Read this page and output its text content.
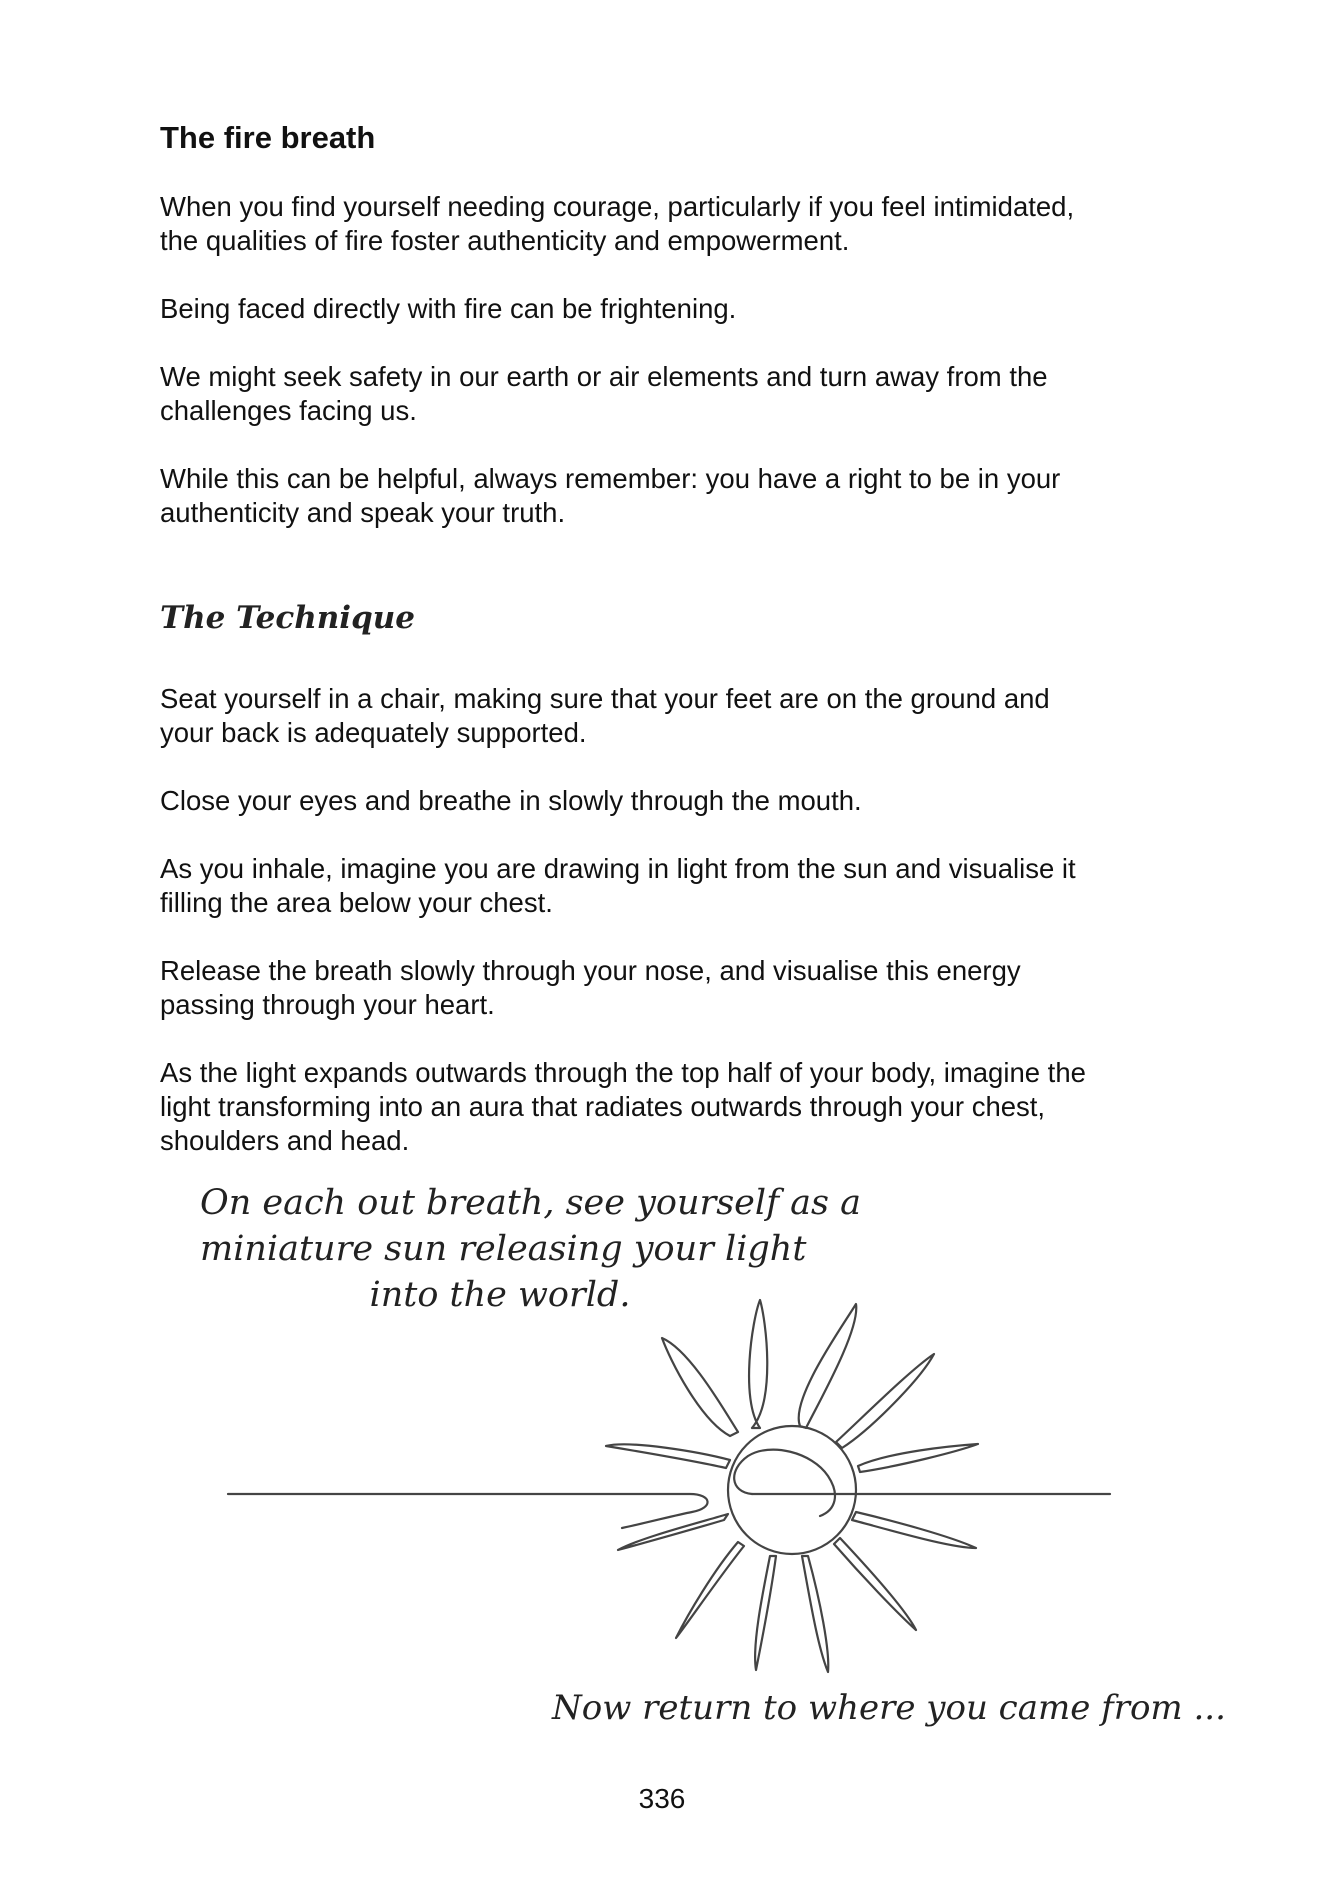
The fire breath

When you find yourself needing courage, particularly if you feel intimidated,
the qualities of fire foster authenticity and empowerment.

Being faced directly with fire can be frightening.

We might seek safety in our earth or air elements and turn away from the
challenges facing us.

While this can be helpful, always remember: you have a right to be in your
authenticity and speak your truth.

The Technique

Seat yourself in a chair, making sure that your feet are on the ground and
your back is adequately supported.

Close your eyes and breathe in slowly through the mouth.

As you inhale, imagine you are drawing in light from the sun and visualise it
filling the area below your chest.

Release the breath slowly through your nose, and visualise this energy
passing through your heart.

As the light expands outwards through the top half of your body, imagine the
light transforming into an aura that radiates outwards through your chest,
shoulders and head.

On each out breath, see yourself as a
miniature sun releasing your light
into the world.

Now return to where you came from ...

336
